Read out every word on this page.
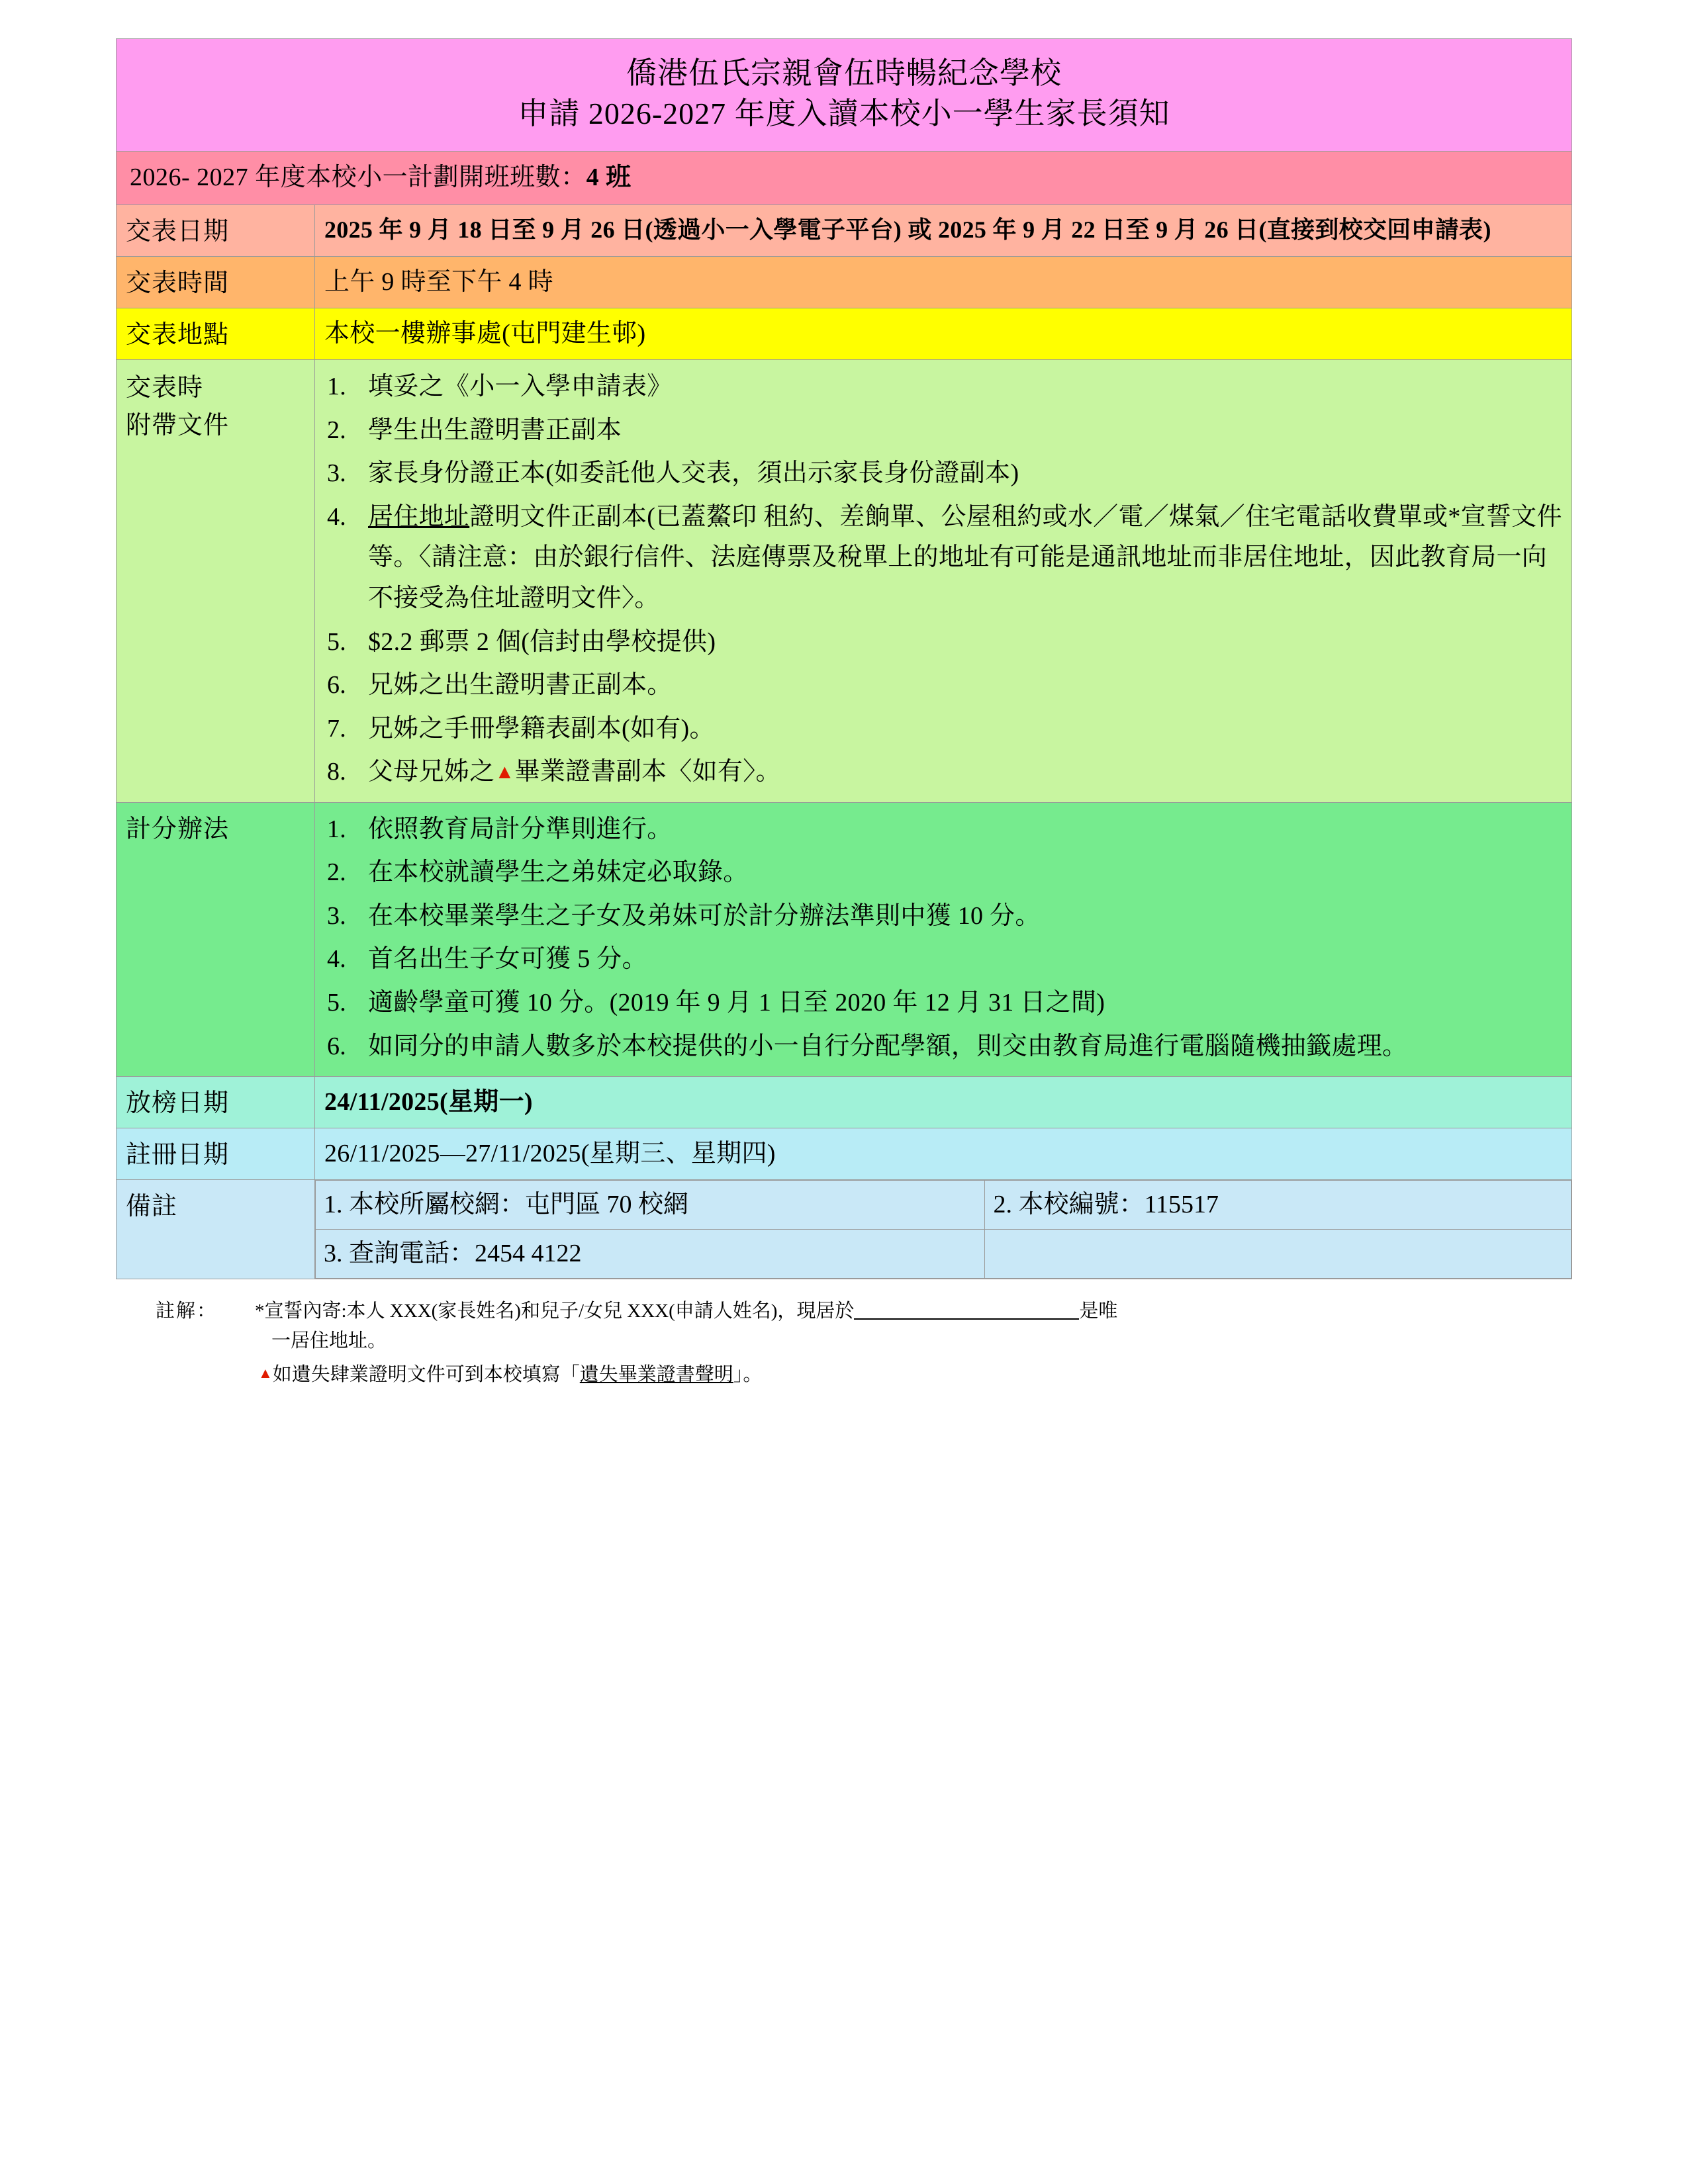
僑港伍氏宗親會伍時暢紀念學校
申請 2026-2027 年度入讀本校小一學生家長須知

2026- 2027 年度本校小一計劃開班班數：4 班
交表日期	2025 年 9 月 18 日至 9 月 26 日(透過小一入學電子平台) 或 2025 年 9 月 22 日至 9 月 26 日(直接到校交回申請表)
交表時間	上午 9 時至下午 4 時
交表地點	本校一樓辦事處(屯門建生邨)

交表時
附帶文件

1. 填妥之《小一入學申請表》
2. 學生出生證明書正副本
3. 家長身份證正本(如委託他人交表，須出示家長身份證副本)
4. 居住地址證明文件正副本(已蓋鰲印 租約、差餉單、公屋租約或水／電／煤氣／住宅電話收費單或*宣誓文件等。〈請注意：由於銀行信件、法庭傳票及稅單上的地址有可能是通訊地址而非居住地址，因此教育局一向不接受為住址證明文件〉。
5. $2.2 郵票 2 個(信封由學校提供)
6. 兄姊之出生證明書正副本。
7. 兄姊之手冊學籍表副本(如有)。
8. 父母兄姊之▲畢業證書副本〈如有〉。

計分辦法	1. 依照教育局計分準則進行。
2. 在本校就讀學生之弟妹定必取錄。
3. 在本校畢業學生之子女及弟妹可於計分辦法準則中獲 10 分。
4. 首名出生子女可獲 5 分。
5. 適齡學童可獲 10 分。(2019 年 9 月 1 日至 2020 年 12 月 31 日之間)
6. 如同分的申請人數多於本校提供的小一自行分配學額，則交由教育局進行電腦隨機抽籤處理。

放榜日期	24/11/2025(星期一)
註冊日期	26/11/2025—27/11/2025(星期三、星期四)
備註		1. 本校所屬校網：屯門區 70 校網	2. 本校編號：115517
3. 查詢電話：2454 4122	
註解：	*宣誓內寄:本人 XXX(家長姓名)和兒子/女兒 XXX(申請人姓名)，現居於	是唯
一居住地址。
▲如遺失肆業證明文件可到本校填寫「遺失畢業證書聲明」。
